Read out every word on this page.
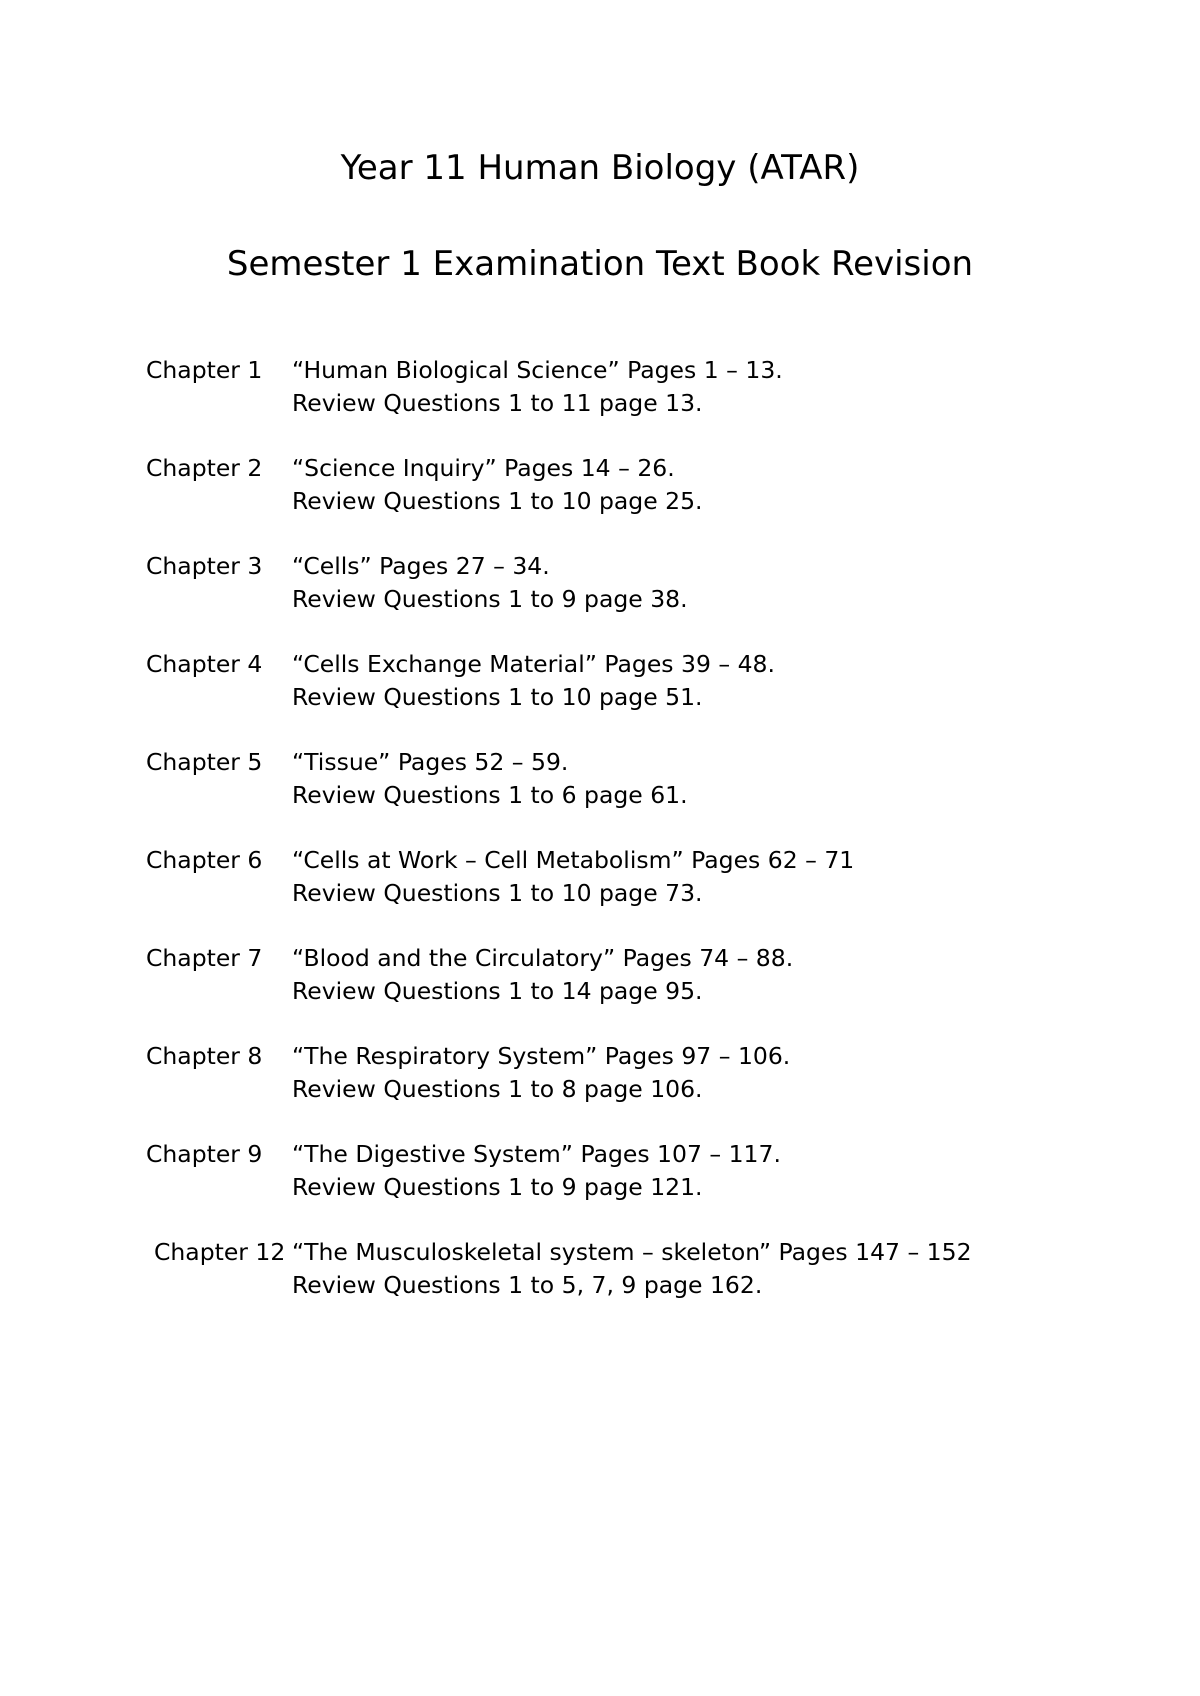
Year 11 Human Biology (ATAR)
Semester 1 Examination Text Book Revision
Chapter 1 “Human Biological Science” Pages 1 – 13.
Review Questions 1 to 11 page 13.
Chapter 2 “Science Inquiry” Pages 14 – 26.
Review Questions 1 to 10 page 25.
Chapter 3 “Cells” Pages 27 – 34.
Review Questions 1 to 9 page 38.
Chapter 4 “Cells Exchange Material” Pages 39 – 48.
Review Questions 1 to 10 page 51.
Chapter 5 “Tissue” Pages 52 – 59.
Review Questions 1 to 6 page 61.
Chapter 6 “Cells at Work – Cell Metabolism” Pages 62 – 71
Review Questions 1 to 10 page 73.
Chapter 7 “Blood and the Circulatory” Pages 74 – 88.
Review Questions 1 to 14 page 95.
Chapter 8 “The Respiratory System” Pages 97 – 106.
Review Questions 1 to 8 page 106.
Chapter 9 “The Digestive System” Pages 107 – 117.
Review Questions 1 to 9 page 121.
Chapter 12 “The Musculoskeletal system – skeleton” Pages 147 – 152
Review Questions 1 to 5, 7, 9 page 162.
